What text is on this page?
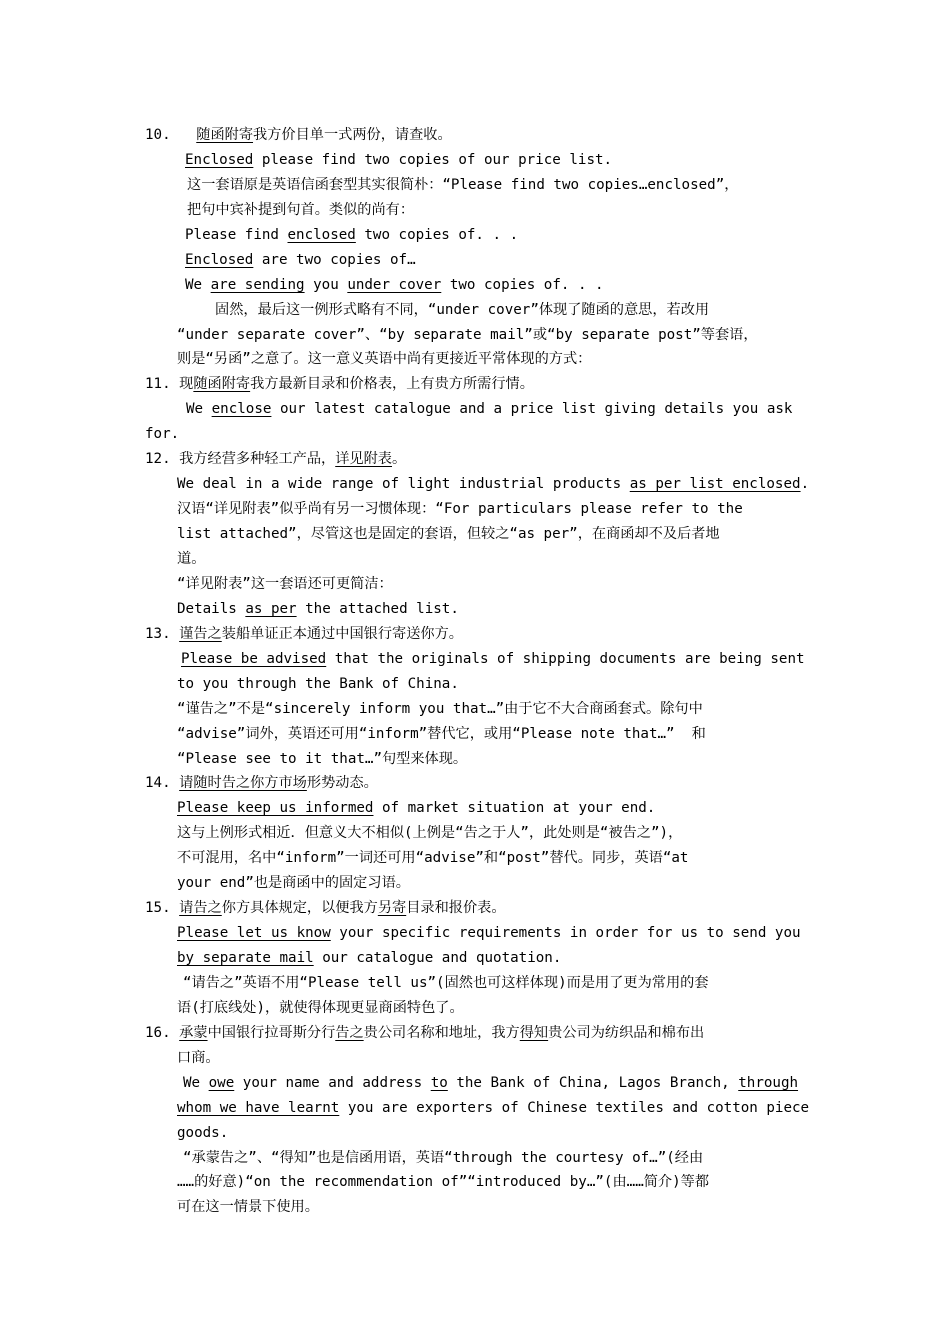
10.   随函附寄我方价目单一式两份，请查收。
Enclosed please find two copies of our price list.
这一套语原是英语信函套型其实很简朴：“Please find two copies…enclosed”，
把句中宾补提到句首。类似的尚有：
Please find enclosed two copies of. . .
Enclosed are two copies of…
We are sending you under cover two copies of. . .
固然，最后这一例形式略有不同，“under cover”体现了随函的意思，若改用
“under separate cover”、“by separate mail”或“by separate post”等套语，
则是“另函”之意了。这一意义英语中尚有更接近平常体现的方式：
11. 现随函附寄我方最新目录和价格表，上有贵方所需行情。
We enclose our latest catalogue and a price list giving details you ask
for.
12. 我方经营多种轻工产品，详见附表。
We deal in a wide range of light industrial products as per list enclosed.
汉语“详见附表”似乎尚有另一习惯体现：“For particulars please refer to the
list attached”，尽管这也是固定的套语，但较之“as per”，在商函却不及后者地
道。
“详见附表”这一套语还可更简洁：
Details as per the attached list.
13. 谨告之装船单证正本通过中国银行寄送你方。
Please be advised that the originals of shipping documents are being sent
to you through the Bank of China.
“谨告之”不是“sincerely inform you that…”由于它不大合商函套式。除句中
“advise”词外，英语还可用“inform”替代它，或用“Please note that…”  和
“Please see to it that…”句型来体现。
14. 请随时告之你方市场形势动态。
Please keep us informed of market situation at your end.
这与上例形式相近．但意义大不相似(上例是“告之于人”，此处则是“被告之”)，
不可混用，名中“inform”一词还可用“advise”和“post”替代。同步，英语“at
your end”也是商函中的固定习语。
15. 请告之你方具体规定，以便我方另寄目录和报价表。
Please let us know your specific requirements in order for us to send you
by separate mail our catalogue and quotation.
“请告之”英语不用“Please tell us”(固然也可这样体现)而是用了更为常用的套
语(打底线处)，就使得体现更显商函特色了。
16. 承蒙中国银行拉哥斯分行告之贵公司名称和地址，我方得知贵公司为纺织品和棉布出
口商。
We owe your name and address to the Bank of China, Lagos Branch, through
whom we have learnt you are exporters of Chinese textiles and cotton piece
goods.
“承蒙告之”、“得知”也是信函用语，英语“through the courtesy of…”(经由
……的好意)“on the recommendation of”“introduced by…”(由……简介)等都
可在这一情景下使用。
